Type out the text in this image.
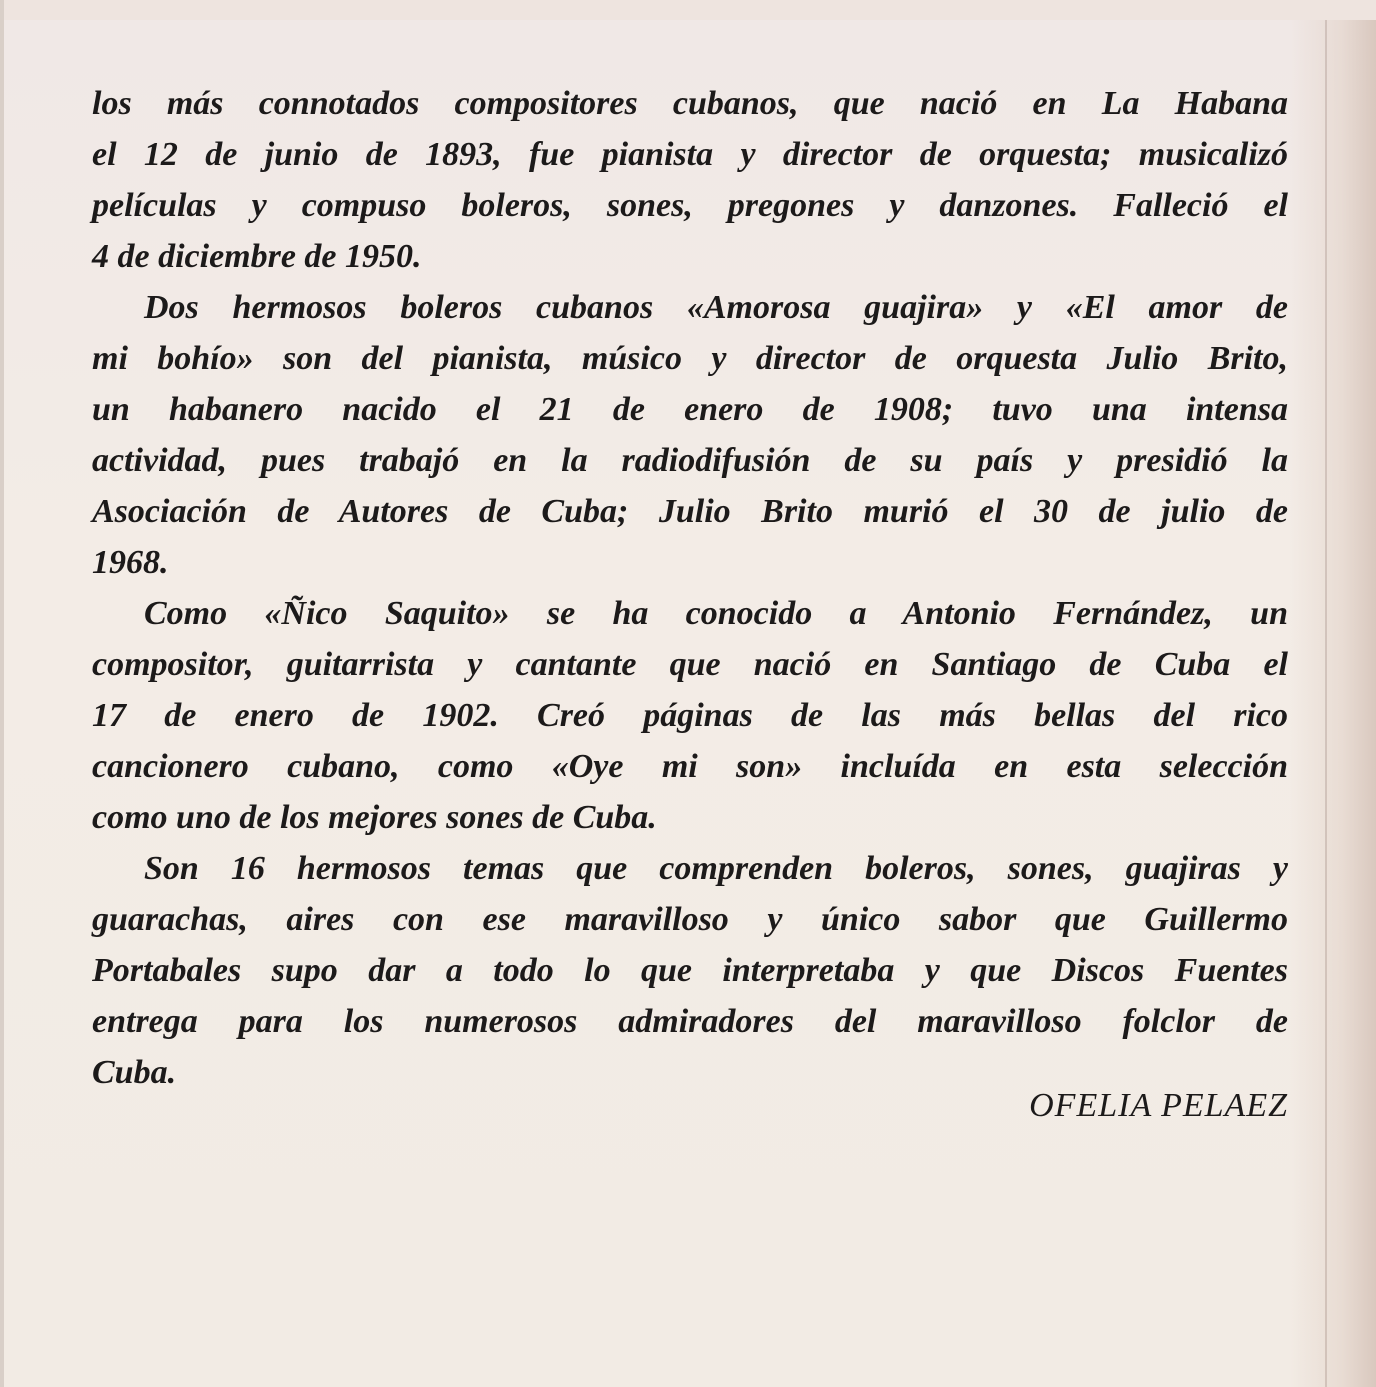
los más connotados compositores cubanos, que nació en La Habana
el 12 de junio de 1893, fue pianista y director de orquesta; musicalizó
películas y compuso boleros, sones, pregones y danzones. Falleció el
4 de diciembre de 1950.
Dos hermosos boleros cubanos «Amorosa guajira» y «El amor de
mi bohío» son del pianista, músico y director de orquesta Julio Brito,
un habanero nacido el 21 de enero de 1908; tuvo una intensa
actividad, pues trabajó en la radiodifusión de su país y presidió la
Asociación de Autores de Cuba; Julio Brito murió el 30 de julio de
1968.
Como «Ñico Saquito» se ha conocido a Antonio Fernández, un
compositor, guitarrista y cantante que nació en Santiago de Cuba el
17 de enero de 1902. Creó páginas de las más bellas del rico
cancionero cubano, como «Oye mi son» incluída en esta selección
como uno de los mejores sones de Cuba.
Son 16 hermosos temas que comprenden boleros, sones, guajiras y
guarachas, aires con ese maravilloso y único sabor que Guillermo
Portabales supo dar a todo lo que interpretaba y que Discos Fuentes
entrega para los numerosos admiradores del maravilloso folclor de
Cuba.
OFELIA PELAEZ
